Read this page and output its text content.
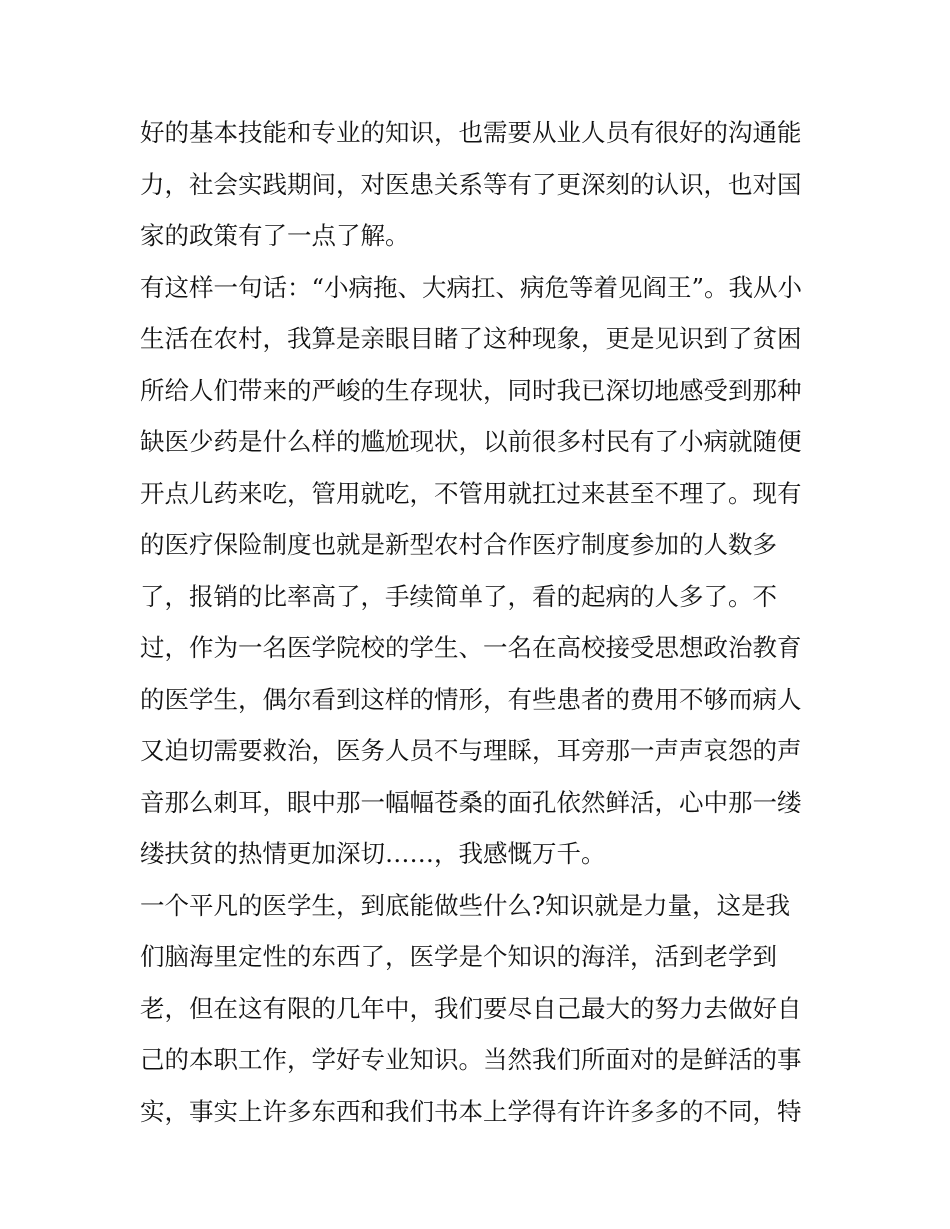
好的基本技能和专业的知识，也需要从业人员有很好的沟通能
力，社会实践期间，对医患关系等有了更深刻的认识，也对国
家的政策有了一点了解。
有这样一句话：“小病拖、大病扛、病危等着见阎王”。我从小
生活在农村，我算是亲眼目睹了这种现象，更是见识到了贫困
所给人们带来的严峻的生存现状，同时我已深切地感受到那种
缺医少药是什么样的尴尬现状，以前很多村民有了小病就随便
开点儿药来吃，管用就吃，不管用就扛过来甚至不理了。现有
的医疗保险制度也就是新型农村合作医疗制度参加的人数多
了，报销的比率高了，手续简单了，看的起病的人多了。不
过，作为一名医学院校的学生、一名在高校接受思想政治教育
的医学生，偶尔看到这样的情形，有些患者的费用不够而病人
又迫切需要救治，医务人员不与理睬，耳旁那一声声哀怨的声
音那么刺耳，眼中那一幅幅苍桑的面孔依然鲜活，心中那一缕
缕扶贫的热情更加深切……，我感慨万千。
一个平凡的医学生，到底能做些什么?知识就是力量，这是我
们脑海里定性的东西了，医学是个知识的海洋，活到老学到
老，但在这有限的几年中，我们要尽自己最大的努力去做好自
己的本职工作，学好专业知识。当然我们所面对的是鲜活的事
实，事实上许多东西和我们书本上学得有许许多多的不同，特
